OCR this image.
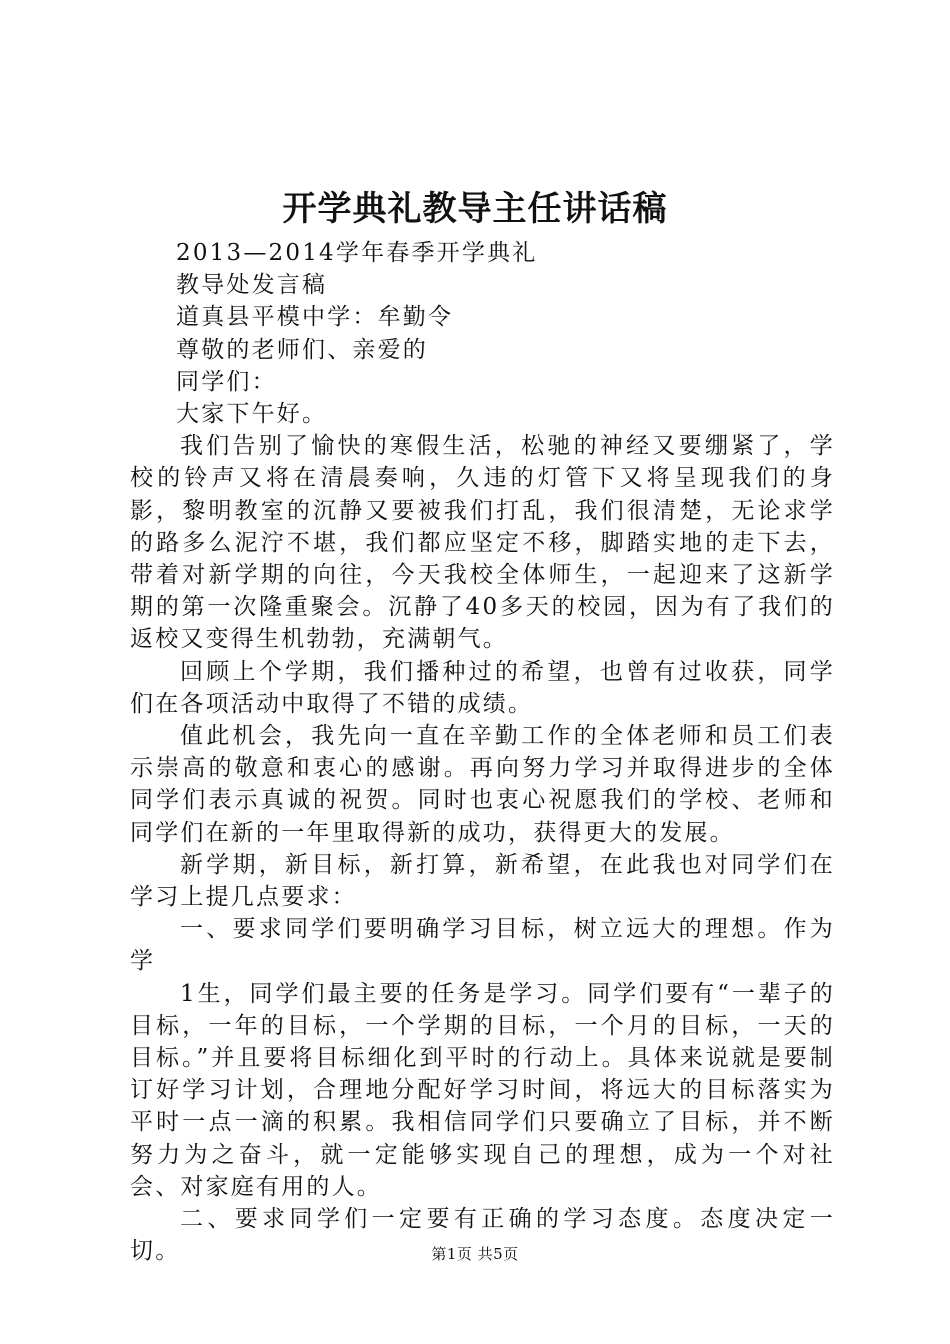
开学典礼教导主任讲话稿
2013—2014学年春季开学典礼
教导处发言稿
道真县平模中学：牟勤令
尊敬的老师们、亲爱的
同学们：
大家下午好。

我们告别了愉快的寒假生活，松驰的神经又要绷紧了，学校的铃声又将在清晨奏响，久违的灯管下又将呈现我们的身影，黎明教室的沉静又要被我们打乱，我们很清楚，无论求学的路多么泥泞不堪，我们都应坚定不移，脚踏实地的走下去，带着对新学期的向往，今天我校全体师生，一起迎来了这新学期的第一次隆重聚会。沉静了40多天的校园，因为有了我们的返校又变得生机勃勃，充满朝气。

回顾上个学期，我们播种过的希望，也曾有过收获，同学们在各项活动中取得了不错的成绩。

值此机会，我先向一直在辛勤工作的全体老师和员工们表示崇高的敬意和衷心的感谢。再向努力学习并取得进步的全体同学们表示真诚的祝贺。同时也衷心祝愿我们的学校、老师和同学们在新的一年里取得新的成功，获得更大的发展。

新学期，新目标，新打算，新希望，在此我也对同学们在学习上提几点要求：

一、要求同学们要明确学习目标，树立远大的理想。作为学

1生，同学们最主要的任务是学习。同学们要有“一辈子的目标，一年的目标，一个学期的目标，一个月的目标，一天的目标。”并且要将目标细化到平时的行动上。具体来说就是要制订好学习计划，合理地分配好学习时间，将远大的目标落实为平时一点一滴的积累。我相信同学们只要确立了目标，并不断努力为之奋斗，就一定能够实现自己的理想，成为一个对社会、对家庭有用的人。

二、要求同学们一定要有正确的学习态度。态度决定一切。	第1页 共5页
